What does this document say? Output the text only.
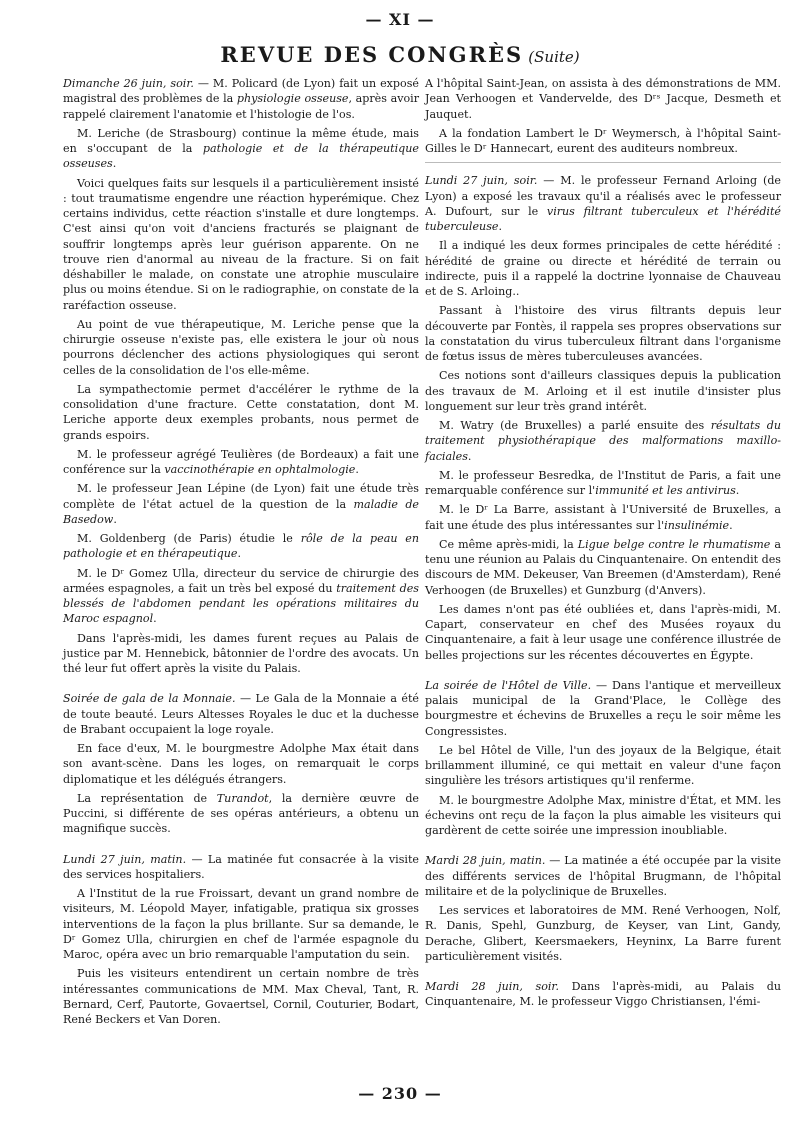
— XI —
REVUE DES CONGRÈS (Suite)

Dimanche 26 juin, soir. — M. Policard (de Lyon) fait un exposé magistral des problèmes de la physiologie osseuse, après avoir rappelé clairement l'anatomie et l'histologie de l'os.

M. Leriche (de Strasbourg) continue la même étude, mais en s'occupant de la pathologie et de la thérapeutique osseuses.

Voici quelques faits sur lesquels il a particulièrement insisté : tout traumatisme engendre une réaction hyperémique. Chez certains individus, cette réaction s'installe et dure longtemps. C'est ainsi qu'on voit d'anciens fracturés se plaignant de souffrir longtemps après leur guérison apparente. On ne trouve rien d'anormal au niveau de la fracture. Si on fait déshabiller le malade, on constate une atrophie musculaire plus ou moins étendue. Si on le radiographie, on constate de la raréfaction osseuse.

Au point de vue thérapeutique, M. Leriche pense que la chirurgie osseuse n'existe pas, elle existera le jour où nous pourrons déclencher des actions physiologiques qui seront celles de la consolidation de l'os elle-même.

La sympathectomie permet d'accélérer le rythme de la consolidation d'une fracture. Cette constatation, dont M. Leriche apporte deux exemples probants, nous permet de grands espoirs.

M. le professeur agrégé Teulières (de Bordeaux) a fait une conférence sur la vaccinothérapie en ophtalmologie.

M. le professeur Jean Lépine (de Lyon) fait une étude très complète de l'état actuel de la question de la maladie de Basedow.

M. Goldenberg (de Paris) étudie le rôle de la peau en pathologie et en thérapeutique.

M. le Dʳ Gomez Ulla, directeur du service de chirurgie des armées espagnoles, a fait un très bel exposé du traitement des blessés de l'abdomen pendant les opérations militaires du Maroc espagnol.

Dans l'après-midi, les dames furent reçues au Palais de justice par M. Hennebick, bâtonnier de l'ordre des avocats. Un thé leur fut offert après la visite du Palais.

Soirée de gala de la Monnaie. — Le Gala de la Monnaie a été de toute beauté. Leurs Altesses Royales le duc et la duchesse de Brabant occupaient la loge royale.

En face d'eux, M. le bourgmestre Adolphe Max était dans son avant-scène. Dans les loges, on remarquait le corps diplomatique et les délégués étrangers.

La représentation de Turandot, la dernière œuvre de Puccini, si différente de ses opéras antérieurs, a obtenu un magnifique succès.

Lundi 27 juin, matin. — La matinée fut consacrée à la visite des services hospitaliers.

A l'Institut de la rue Froissart, devant un grand nombre de visiteurs, M. Léopold Mayer, infatigable, pratiqua six grosses interventions de la façon la plus brillante. Sur sa demande, le Dʳ Gomez Ulla, chirurgien en chef de l'armée espagnole du Maroc, opéra avec un brio remarquable l'amputation du sein.

Puis les visiteurs entendirent un certain nombre de très intéressantes communications de MM. Max Cheval, Tant, R. Bernard, Cerf, Pautorte, Govaertsel, Cornil, Couturier, Bodart, René Beckers et Van Doren.

A l'hôpital Saint-Jean, on assista à des démonstrations de MM. Jean Verhoogen et Vandervelde, des Dʳˢ Jacque, Desmeth et Jauquet.

A la fondation Lambert le Dʳ Weymersch, à l'hôpital Saint-Gilles le Dʳ Hannecart, eurent des auditeurs nombreux.

Lundi 27 juin, soir. — M. le professeur Fernand Arloing (de Lyon) a exposé les travaux qu'il a réalisés avec le professeur A. Dufourt, sur le virus filtrant tuberculeux et l'hérédité tuberculeuse.

Il a indiqué les deux formes principales de cette hérédité : hérédité de graine ou directe et hérédité de terrain ou indirecte, puis il a rappelé la doctrine lyonnaise de Chauveau et de S. Arloing..

Passant à l'histoire des virus filtrants depuis leur découverte par Fontès, il rappela ses propres observations sur la constatation du virus tuberculeux filtrant dans l'organisme de fœtus issus de mères tuberculeuses avancées.

Ces notions sont d'ailleurs classiques depuis la publication des travaux de M. Arloing et il est inutile d'insister plus longuement sur leur très grand intérêt.

M. Watry (de Bruxelles) a parlé ensuite des résultats du traitement physiothérapique des malformations maxillo-faciales.

M. le professeur Besredka, de l'Institut de Paris, a fait une remarquable conférence sur l'immunité et les antivirus.

M. le Dʳ La Barre, assistant à l'Université de Bruxelles, a fait une étude des plus intéressantes sur l'insulinémie.

Ce même après-midi, la Ligue belge contre le rhumatisme a tenu une réunion au Palais du Cinquantenaire. On entendit des discours de MM. Dekeuser, Van Breemen (d'Amsterdam), René Verhoogen (de Bruxelles) et Gunzburg (d'Anvers).

Les dames n'ont pas été oubliées et, dans l'après-midi, M. Capart, conservateur en chef des Musées royaux du Cinquantenaire, a fait à leur usage une conférence illustrée de belles projections sur les récentes découvertes en Égypte.

La soirée de l'Hôtel de Ville. — Dans l'antique et merveilleux palais municipal de la Grand'Place, le Collège des bourgmestre et échevins de Bruxelles a reçu le soir même les Congressistes.

Le bel Hôtel de Ville, l'un des joyaux de la Belgique, était brillamment illuminé, ce qui mettait en valeur d'une façon singulière les trésors artistiques qu'il renferme.

M. le bourgmestre Adolphe Max, ministre d'État, et MM. les échevins ont reçu de la façon la plus aimable les visiteurs qui gardèrent de cette soirée une impression inoubliable.

Mardi 28 juin, matin. — La matinée a été occupée par la visite des différents services de l'hôpital Brugmann, de l'hôpital militaire et de la polyclinique de Bruxelles.

Les services et laboratoires de MM. René Verhoogen, Nolf, R. Danis, Spehl, Gunzburg, de Keyser, van Lint, Gandy, Derache, Glibert, Keersmaekers, Heyninx, La Barre furent particulièrement visités.

Mardi 28 juin, soir. Dans l'après-midi, au Palais du Cinquantenaire, M. le professeur Viggo Christiansen, l'émi-

— 230 —
